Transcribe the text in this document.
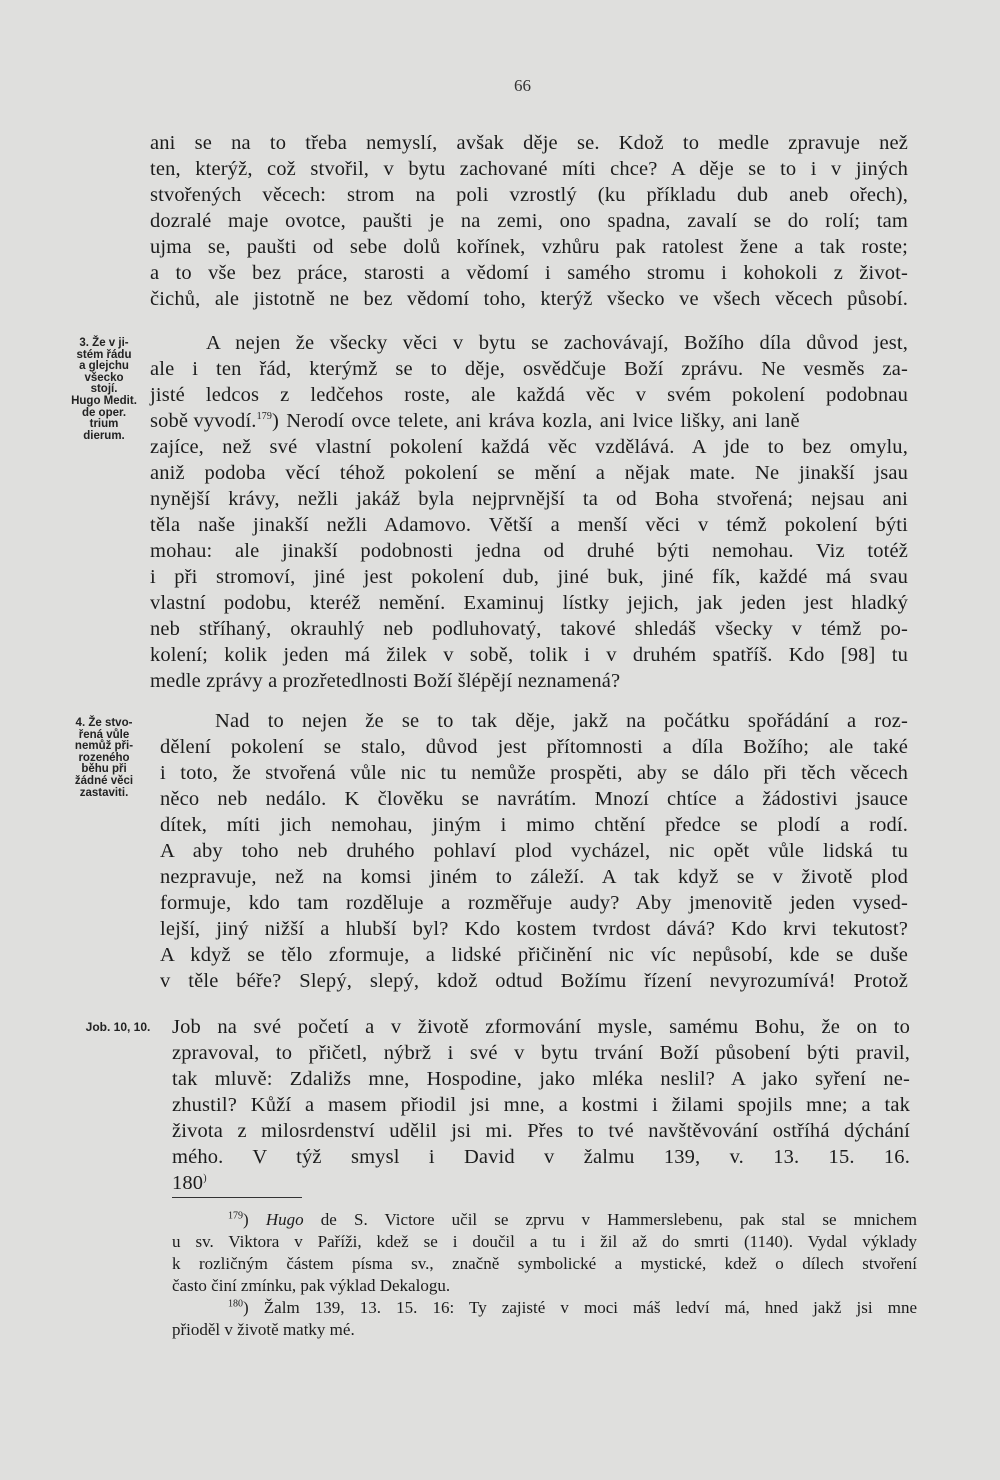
66
ani se na to třeba nemyslí, avšak děje se. Kdož to medle zpravuje než
ten, kterýž, což stvořil, v bytu zachované míti chce? A děje se to i v jiných
stvořených věcech: strom na poli vzrostlý (ku příkladu dub aneb ořech),
dozralé maje ovotce, paušti je na zemi, ono spadna, zavalí se do rolí; tam
ujma se, paušti od sebe dolů kořínek, vzhůru pak ratolest žene a tak roste;
a to vše bez práce, starosti a vědomí i samého stromu i kohokoli z život-
čichů, ale jistotně ne bez vědomí toho, kterýž všecko ve všech věcech působí.
A nejen že všecky věci v bytu se zachovávají, Božího díla důvod jest,
ale i ten řád, kterýmž se to děje, osvědčuje Boží zprávu. Ne vesměs za-
jisté ledcos z ledčehos roste, ale každá věc v svém pokolení podobnau
sobě vyvodí.$^{179}$) Nerodí ovce telete, ani kráva kozla, ani lvice lišky, ani laně
zajíce, než své vlastní pokolení každá věc vzdělává. A jde to bez omylu,
aniž podoba věcí téhož pokolení se mění a nějak mate. Ne jinakší jsau
nynější krávy, nežli jakáž byla nejprvnější ta od Boha stvořená; nejsau ani
těla naše jinakší nežli Adamovo. Větší a menší věci v témž pokolení býti
mohau: ale jinakší podobnosti jedna od druhé býti nemohau. Viz totéž
i při stromoví, jiné jest pokolení dub, jiné buk, jiné fík, každé má svau
vlastní podobu, kteréž nemění. Examinuj lístky jejich, jak jeden jest hladký
neb stříhaný, okrauhlý neb podluhovatý, takové shledáš všecky v témž po-
kolení; kolik jeden má žilek v sobě, tolik i v druhém spatříš. Kdo [98] tu
medle zprávy a prozřetedlnosti Boží šlépějí neznamená?
Nad to nejen že se to tak děje, jakž na počátku spořádání a roz-
dělení pokolení se stalo, důvod jest přítomnosti a díla Božího; ale také
i toto, že stvořená vůle nic tu nemůže prospěti, aby se dálo při těch věcech
něco neb nedálo. K člověku se navrátím. Mnozí chtíce a žádostivi jsauce
dítek, míti jich nemohau, jiným i mimo chtění předce se plodí a rodí.
A aby toho neb druhého pohlaví plod vycházel, nic opět vůle lidská tu
nezpravuje, než na komsi jiném to záleží. A tak když se v životě plod
formuje, kdo tam rozděluje a rozměřuje audy? Aby jmenovitě jeden vysed-
lejší, jiný nižší a hlubší byl? Kdo kostem tvrdost dává? Kdo krvi tekutost?
A když se tělo zformuje, a lidské přičinění nic víc nepůsobí, kde se duše
v těle béře? Slepý, slepý, kdož odtud Božímu řízení nevyrozumívá! Protož
Job na své početí a v životě zformování mysle, samému Bohu, že on to
zpravoval, to přičetl, nýbrž i své v bytu trvání Boží působení býti pravil,
tak mluvě: Zdaližs mne, Hospodine, jako mléka neslil? A jako syření ne-
zhustil? Kůží a masem přiodil jsi mne, a kostmi i žilami spojils mne; a tak
života z milosrdenství udělil jsi mi. Přes to tvé navštěvování ostříhá dýchání
mého. V týž smysl i David v žalmu 139, v. 13. 15. 16.
180)
3. Že v ji-
stém řádu
a glejchu
všecko
stojí.
Hugo Medit.
de oper.
trium
dierum.
4. Že stvo-
řená vůle
nemůž při-
rozeného
běhu při
žádné věci
zastaviti.
Job. 10, 10.
$^{179}$) Hugo de S. Victore učil se zprvu v Hammerslebenu, pak stal se mnichem
u sv. Viktora v Paříži, kdež se i doučil a tu i žil až do smrti (1140). Vydal výklady
k rozličným částem písma sv., značně symbolické a mystické, kdež o dílech stvoření
často činí zmínku, pak výklad Dekalogu.
$^{180}$) Žalm 139, 13. 15. 16: Ty zajisté v moci máš ledví má, hned jakž jsi mne
přioděl v životě matky mé.
